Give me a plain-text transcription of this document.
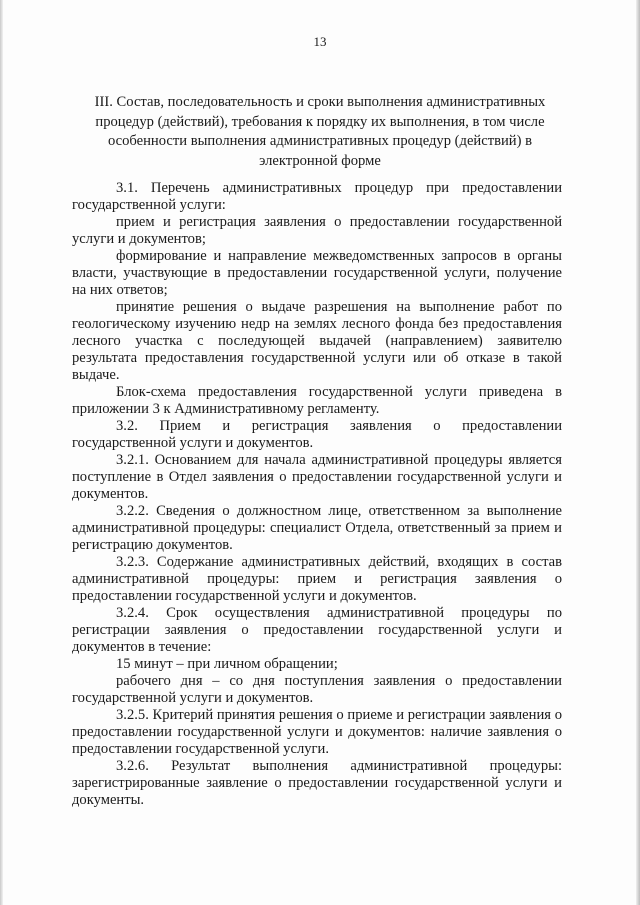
13
III. Состав, последовательность и сроки выполнения административных процедур (действий), требования к порядку их выполнения, в том числе особенности выполнения административных процедур (действий) в электронной форме

3.1. Перечень административных процедур при предоставлении государственной услуги:

прием и регистрация заявления о предоставлении государственной услуги и документов;

формирование и направление межведомственных запросов в органы власти, участвующие в предоставлении государственной услуги, получение на них ответов;

принятие решения о выдаче разрешения на выполнение работ по геологическому изучению недр на землях лесного фонда без предоставления лесного участка с последующей выдачей (направлением) заявителю результата предоставления государственной услуги или об отказе в такой выдаче.

Блок-схема предоставления государственной услуги приведена в приложении 3 к Административному регламенту.

3.2. Прием и регистрация заявления о предоставлении государственной услуги и документов.

3.2.1. Основанием для начала административной процедуры является поступление в Отдел заявления о предоставлении государственной услуги и документов.

3.2.2. Сведения о должностном лице, ответственном за выполнение административной процедуры: специалист Отдела, ответственный за прием и регистрацию документов.

3.2.3. Содержание административных действий, входящих в состав административной процедуры: прием и регистрация заявления о предоставлении государственной услуги и документов.

3.2.4. Срок осуществления административной процедуры по регистрации заявления о предоставлении государственной услуги и документов в течение:

15 минут – при личном обращении;

рабочего дня – со дня поступления заявления о предоставлении государственной услуги и документов.

3.2.5. Критерий принятия решения о приеме и регистрации заявления о предоставлении государственной услуги и документов: наличие заявления о предоставлении государственной услуги.

3.2.6. Результат выполнения административной процедуры: зарегистрированные заявление о предоставлении государственной услуги и документы.
